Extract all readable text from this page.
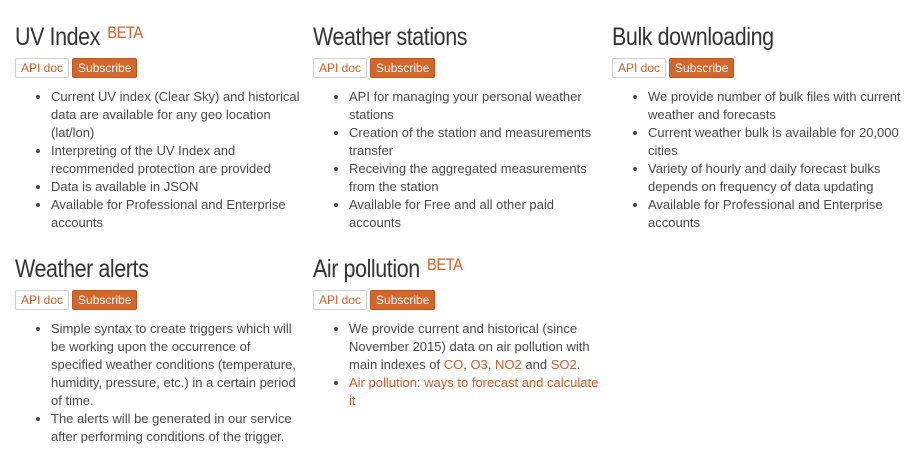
UV Index $^{BETA}$
API doc	Subscribe
• Current UV index (Clear Sky) and historical data are available for any geo location (lat/lon)
• Interpreting of the UV Index and recommended protection are provided
• Data is available in JSON
• Available for Professional and Enterprise accounts
Weather stations
API doc	Subscribe
• API for managing your personal weather stations
• Creation of the station and measurements transfer
• Receiving the aggregated measurements from the station
• Available for Free and all other paid accounts
Bulk downloading
API doc	Subscribe
• We provide number of bulk files with current weather and forecasts
• Current weather bulk is available for 20,000 cities
• Variety of hourly and daily forecast bulks depends on frequency of data updating
• Available for Professional and Enterprise accounts
Weather alerts
API doc	Subscribe
• Simple syntax to create triggers which will be working upon the occurrence of specified weather conditions (temperature, humidity, pressure, etc.) in a certain period of time.
• The alerts will be generated in our service after performing conditions of the trigger.
Air pollution $^{BETA}$
API doc	Subscribe
• We provide current and historical (since November 2015) data on air pollution with main indexes of CO, O3, NO2 and SO2.
• Air pollution: ways to forecast and calculate it
